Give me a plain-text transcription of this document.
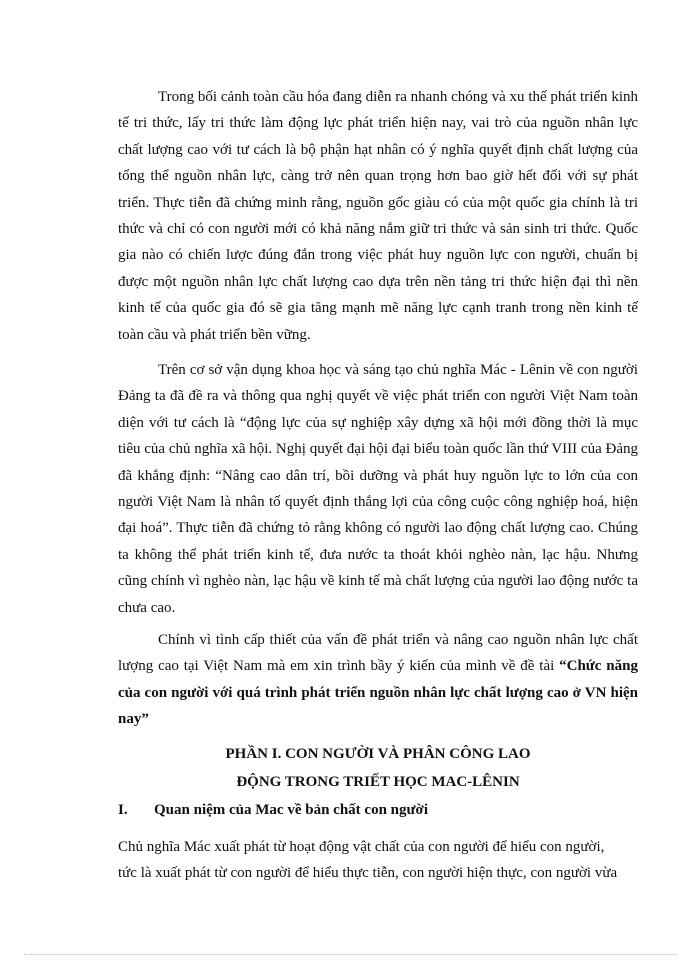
Trong bối cảnh toàn cầu hóa đang diễn ra nhanh chóng và xu thế phát triển kinh tế tri thức, lấy tri thức làm động lực phát triển hiện nay, vai trò của nguồn nhân lực chất lượng cao với tư cách là bộ phận hạt nhân có ý nghĩa quyết định chất lượng của tổng thể nguồn nhân lực, càng trở nên quan trọng hơn bao giờ hết đối với sự phát triển. Thực tiễn đã chứng minh rằng, nguồn gốc giàu có của một quốc gia chính là tri thức và chỉ có con người mới có khả năng nắm giữ tri thức và sản sinh tri thức. Quốc gia nào có chiến lược đúng đắn trong việc phát huy nguồn lực con người, chuẩn bị được một nguồn nhân lực chất lượng cao dựa trên nền tảng tri thức hiện đại thì nền kinh tế của quốc gia đó sẽ gia tăng mạnh mẽ năng lực cạnh tranh trong nền kinh tế toàn cầu và phát triển bền vững.

Trên cơ sở vận dụng khoa học và sáng tạo chủ nghĩa Mác - Lênin về con người Đảng ta đã đề ra và thông qua nghị quyết về việc phát triển con người Việt Nam toàn diện với tư cách là “động lực của sự nghiệp xây dựng xã hội mới đồng thời là mục tiêu của chủ nghĩa xã hội. Nghị quyết đại hội đại biểu toàn quốc lần thứ VIII của Đảng đã khẳng định: “Nâng cao dân trí, bồi dưỡng và phát huy nguồn lực to lớn của con người Việt Nam là nhân tố quyết định thắng lợi của công cuộc công nghiệp hoá, hiện đại hoá”. Thực tiễn đã chứng tỏ rằng không có người lao động chất lượng cao. Chúng ta không thể phát triển kinh tế, đưa nước ta thoát khỏi nghèo nàn, lạc hậu. Nhưng cũng chính vì nghèo nàn, lạc hậu về kinh tế mà chất lượng của người lao động nước ta chưa cao.

Chính vì tình cấp thiết của vấn đề phát triển và nâng cao nguồn nhân lực chất lượng cao tại Việt Nam mà em xin trình bầy ý kiến của mình về đề tài “Chức năng của con người với quá trình phát triển nguồn nhân lực chất lượng cao ở VN hiện nay”

PHẦN I. CON NGƯỜI VÀ PHÂN CÔNG LAO
ĐỘNG TRONG TRIẾT HỌC MAC-LÊNIN
I. Quan niệm của Mac về bản chất con người
Chủ nghĩa Mác xuất phát từ hoạt động vật chất của con người để hiểu con người,
tức là xuất phát từ con người để hiểu thực tiễn, con người hiện thực, con người vừa
